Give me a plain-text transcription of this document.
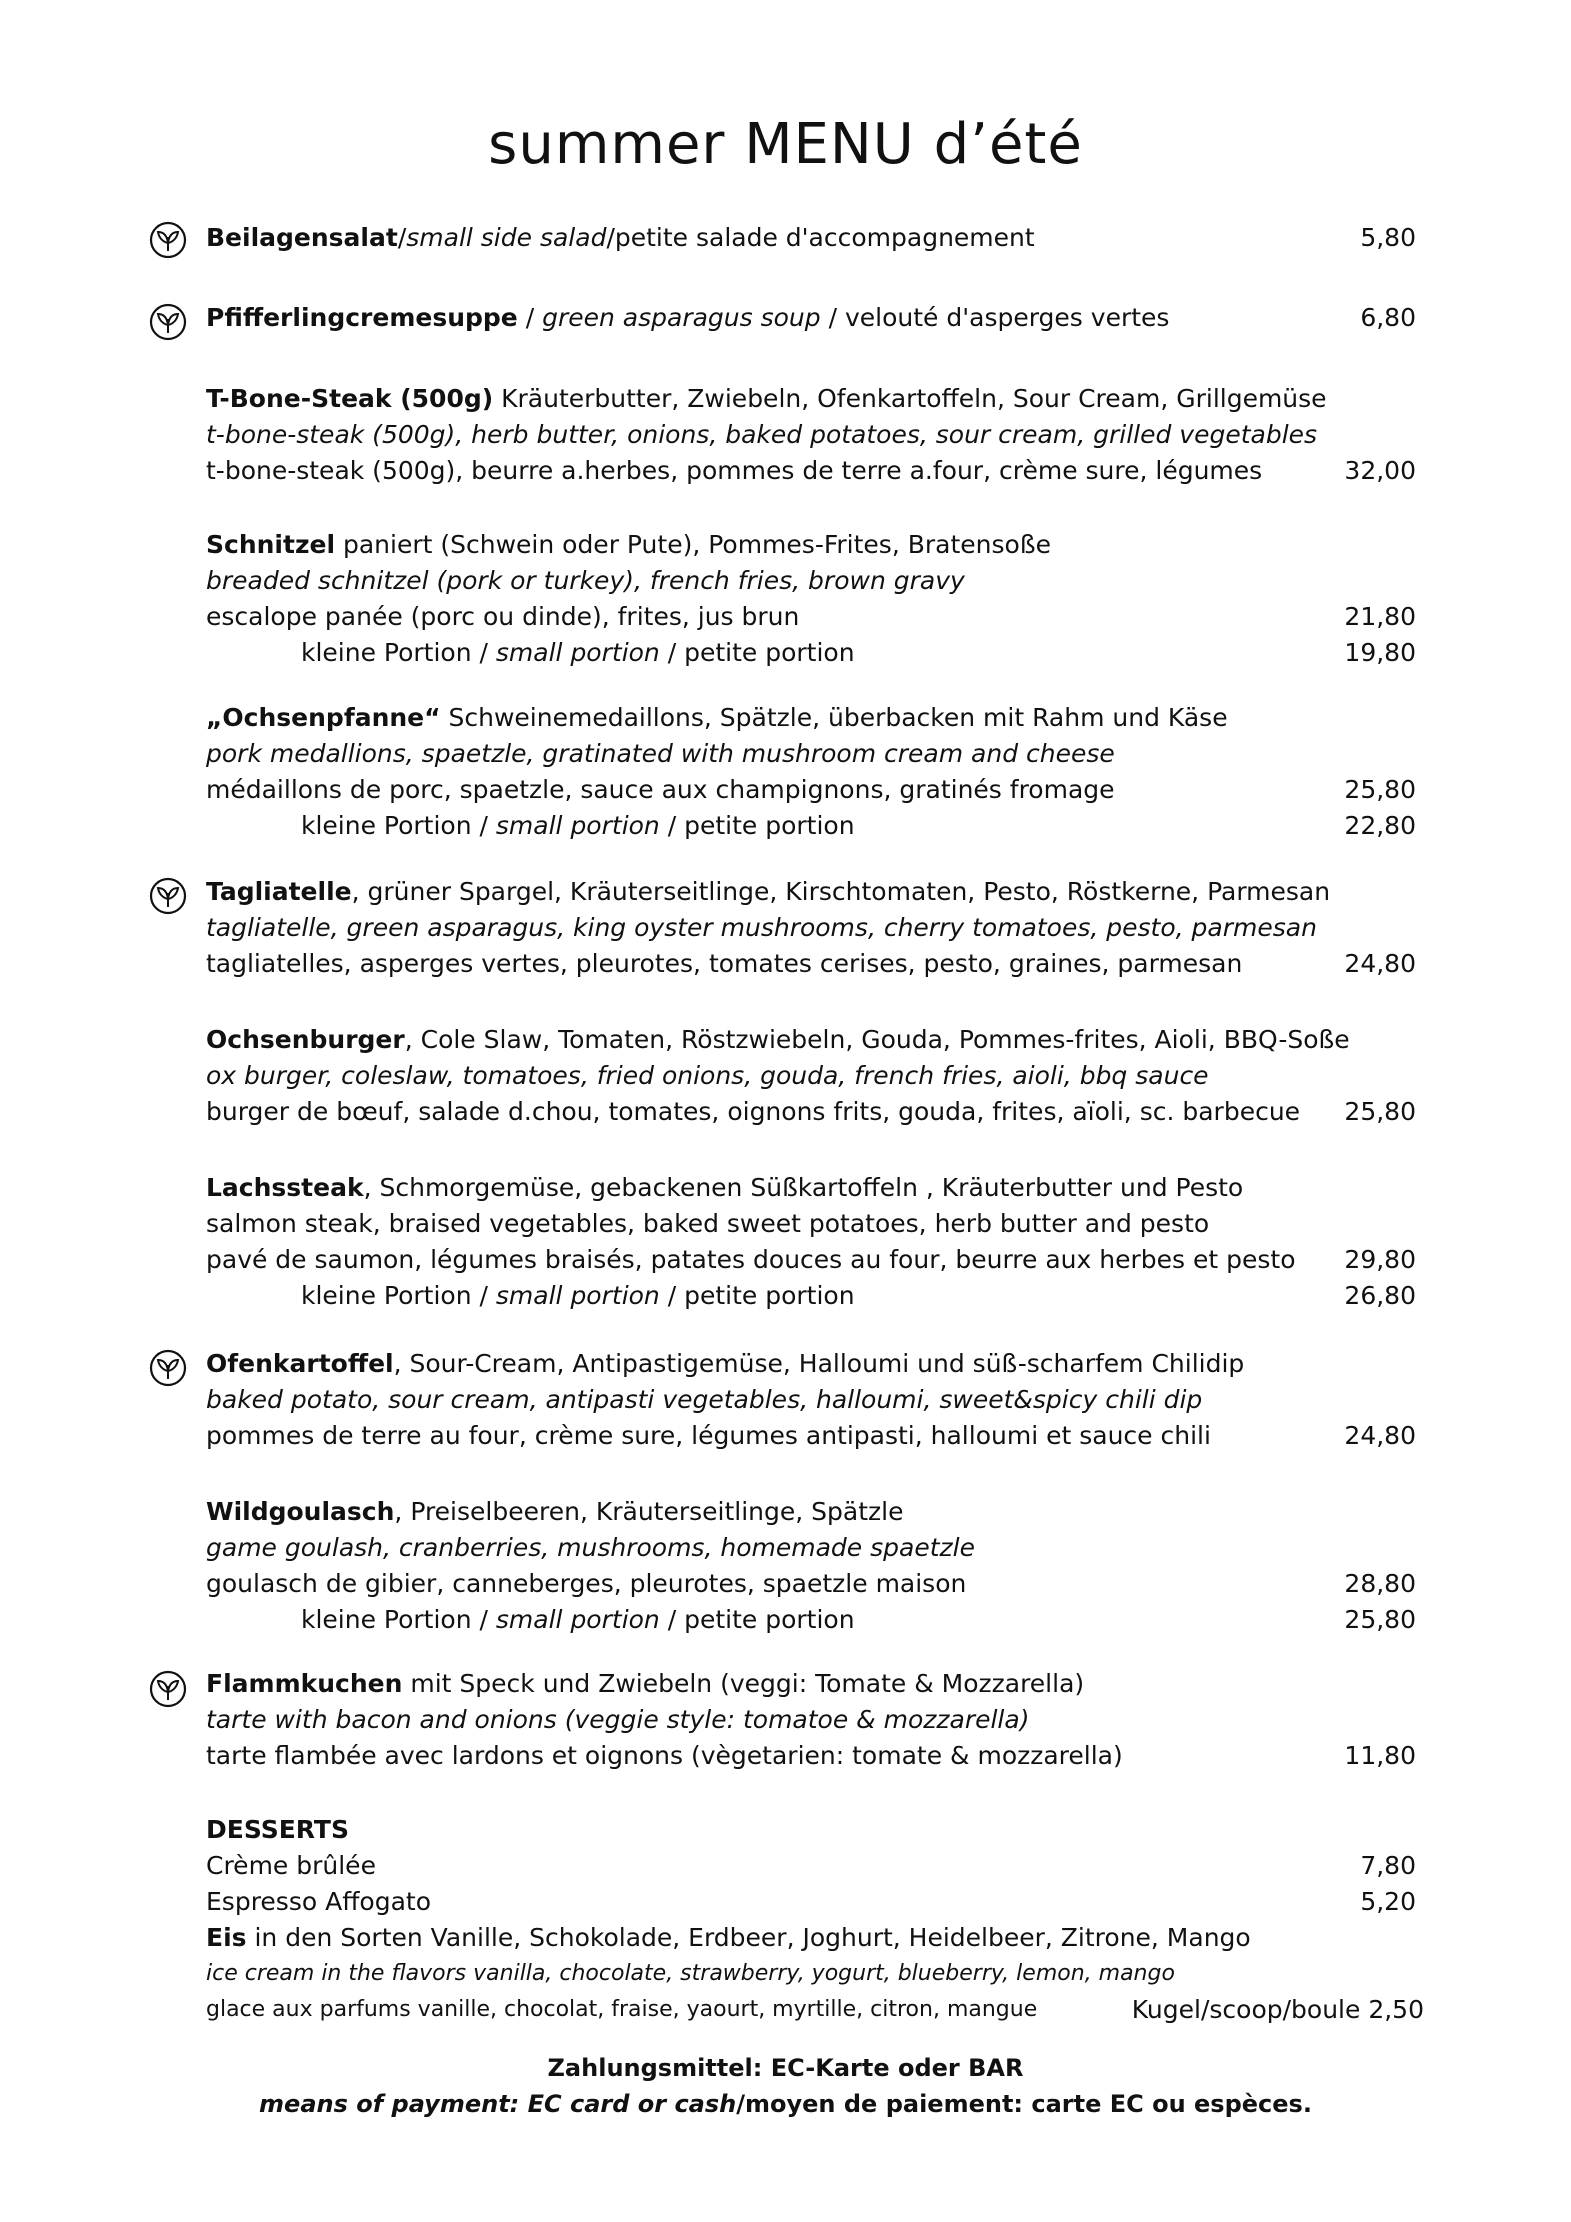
summer MENU d’été
Beilagensalat/small side salad/petite salade d'accompagnement	5,80
Pfifferlingcremesuppe / green asparagus soup / velouté d'asperges vertes	6,80
T-Bone-Steak (500g) Kräuterbutter, Zwiebeln, Ofenkartoffeln, Sour Cream, Grillgemüse
t-bone-steak (500g), herb butter, onions, baked potatoes, sour cream, grilled vegetables
t-bone-steak (500g), beurre a.herbes, pommes de terre a.four, crème sure, légumes	32,00
Schnitzel paniert (Schwein oder Pute), Pommes-Frites, Bratensoße
breaded schnitzel (pork or turkey), french fries, brown gravy
escalope panée (porc ou dinde), frites, jus brun	21,80
kleine Portion / small portion / petite portion	19,80
„Ochsenpfanne“ Schweinemedaillons, Spätzle, überbacken mit Rahm und Käse
pork medallions, spaetzle, gratinated with mushroom cream and cheese
médaillons de porc, spaetzle, sauce aux champignons, gratinés fromage	25,80
kleine Portion / small portion / petite portion	22,80
Tagliatelle, grüner Spargel, Kräuterseitlinge, Kirschtomaten, Pesto, Röstkerne, Parmesan
tagliatelle, green asparagus, king oyster mushrooms, cherry tomatoes, pesto, parmesan
tagliatelles, asperges vertes, pleurotes, tomates cerises, pesto, graines, parmesan	24,80
Ochsenburger, Cole Slaw, Tomaten, Röstzwiebeln, Gouda, Pommes-frites, Aioli, BBQ-Soße
ox burger, coleslaw, tomatoes, fried onions, gouda, french fries, aioli, bbq sauce
burger de bœuf, salade d.chou, tomates, oignons frits, gouda, frites, aïoli, sc. barbecue 25,80
Lachssteak, Schmorgemüse, gebackenen Süßkartoffeln , Kräuterbutter und Pesto
salmon steak, braised vegetables, baked sweet potatoes, herb butter and pesto
pavé de saumon, légumes braisés, patates douces au four, beurre aux herbes et pesto 29,80
kleine Portion / small portion / petite portion	26,80
Ofenkartoffel, Sour-Cream, Antipastigemüse, Halloumi und süß-scharfem Chilidip
baked potato, sour cream, antipasti vegetables, halloumi, sweet&spicy chili dip
pommes de terre au four, crème sure, légumes antipasti, halloumi et sauce chili	24,80
Wildgoulasch, Preiselbeeren, Kräuterseitlinge, Spätzle
game goulash, cranberries, mushrooms, homemade spaetzle
goulasch de gibier, canneberges, pleurotes, spaetzle maison	28,80
kleine Portion / small portion / petite portion	25,80
Flammkuchen mit Speck und Zwiebeln (veggi: Tomate & Mozzarella)
tarte with bacon and onions (veggie style: tomatoe & mozzarella)
tarte flambée avec lardons et oignons (vègetarien: tomate & mozzarella)	11,80
DESSERTS
Crème brûlée	7,80
Espresso Affogato	5,20
Eis in den Sorten Vanille, Schokolade, Erdbeer, Joghurt, Heidelbeer, Zitrone, Mango
ice cream in the flavors vanilla, chocolate, strawberry, yogurt, blueberry, lemon, mango
glace aux parfums vanille, chocolat, fraise, yaourt, myrtille, citron, mangue	Kugel/scoop/boule 2,50
Zahlungsmittel: EC-Karte oder BAR
means of payment: EC card or cash/moyen de paiement: carte EC ou espèces.
